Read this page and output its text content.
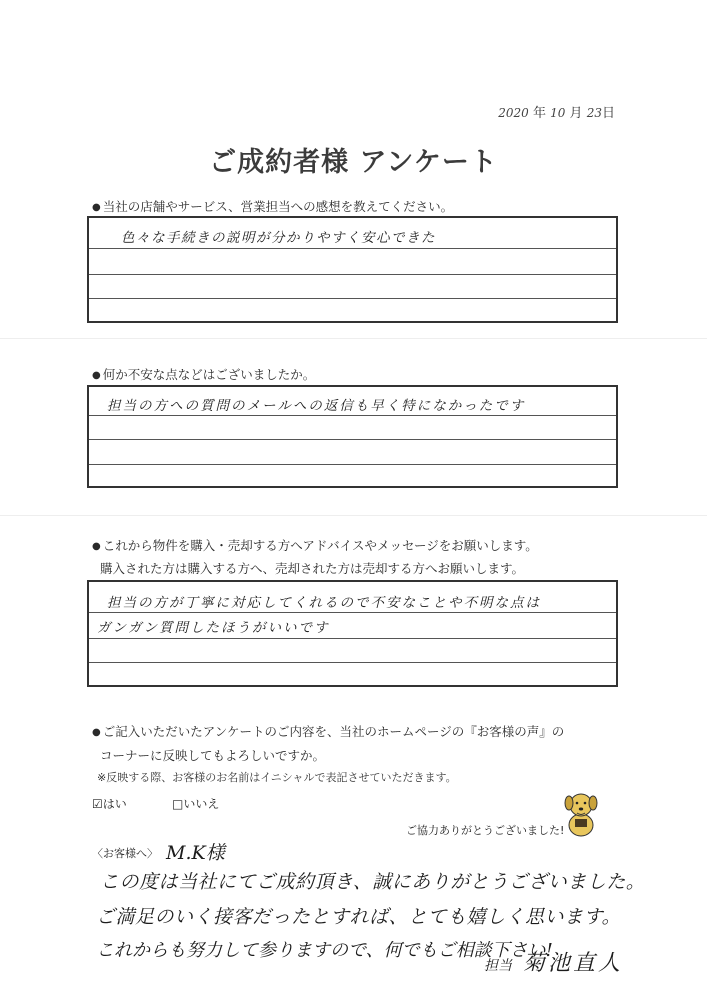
2020 年 10 月 23日
ご成約者様 アンケート
● 当社の店舗やサービス、営業担当への感想を教えてください。
色々な手続きの説明が分かりやすく安心できた
● 何か不安な点などはございましたか。
担当の方への質問のメールへの返信も早く特になかったです
● これから物件を購入・売却する方へアドバイスやメッセージをお願いします。
購入された方は購入する方へ、売却された方は売却する方へお願いします。
担当の方が丁寧に対応してくれるので不安なことや不明な点は
ガンガン質問したほうがいいです
● ご記入いただいたアンケートのご内容を、当社のホームページの『お客様の声』の
コーナーに反映してもよろしいですか。
※反映する際、お客様のお名前はイニシャルで表記させていただきます。
☑はい	□いいえ
ご協力ありがとうございました!
〈お客様へ〉 M.K様
この度は当社にてご成約頂き、誠にありがとうございました。
ご満足のいく接客だったとすれば、とても嬉しく思います。
これからも努力して参りますので、何でもご相談下さい!
担当 菊池直人
